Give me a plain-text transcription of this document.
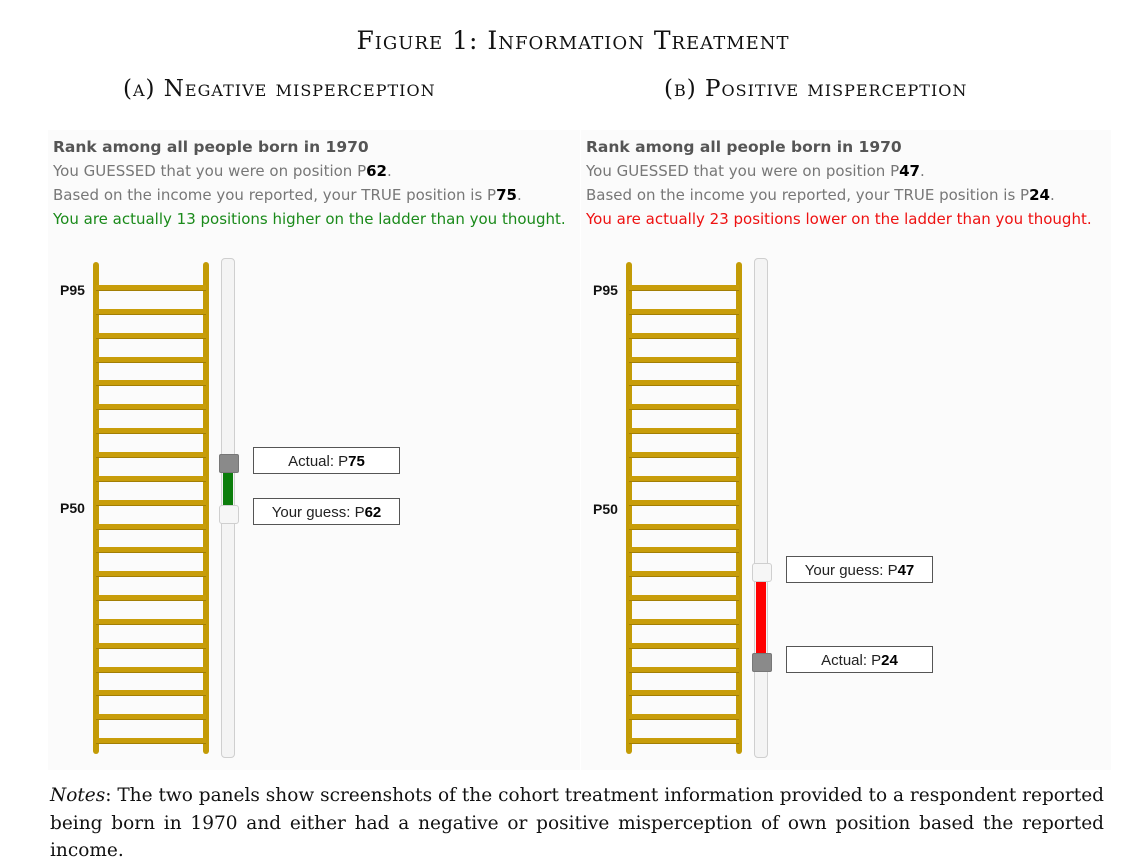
Figure 1: Information Treatment
(a) Negative misperception	(b) Positive misperception
Rank among all people born in 1970
You GUESSED that you were on position P62.
Based on the income you reported, your TRUE position is P75.
You are actually 13 positions higher on the ladder than you thought.
P95
P50
Actual: P75
Your guess: P62
Rank among all people born in 1970
You GUESSED that you were on position P47.
Based on the income you reported, your TRUE position is P24.
You are actually 23 positions lower on the ladder than you thought.
P95
P50
Actual: P24
Your guess: P47
Notes: The two panels show screenshots of the cohort treatment information provided to a respondent reported being born in 1970 and either had a negative or positive misperception of own position based the reported income.
